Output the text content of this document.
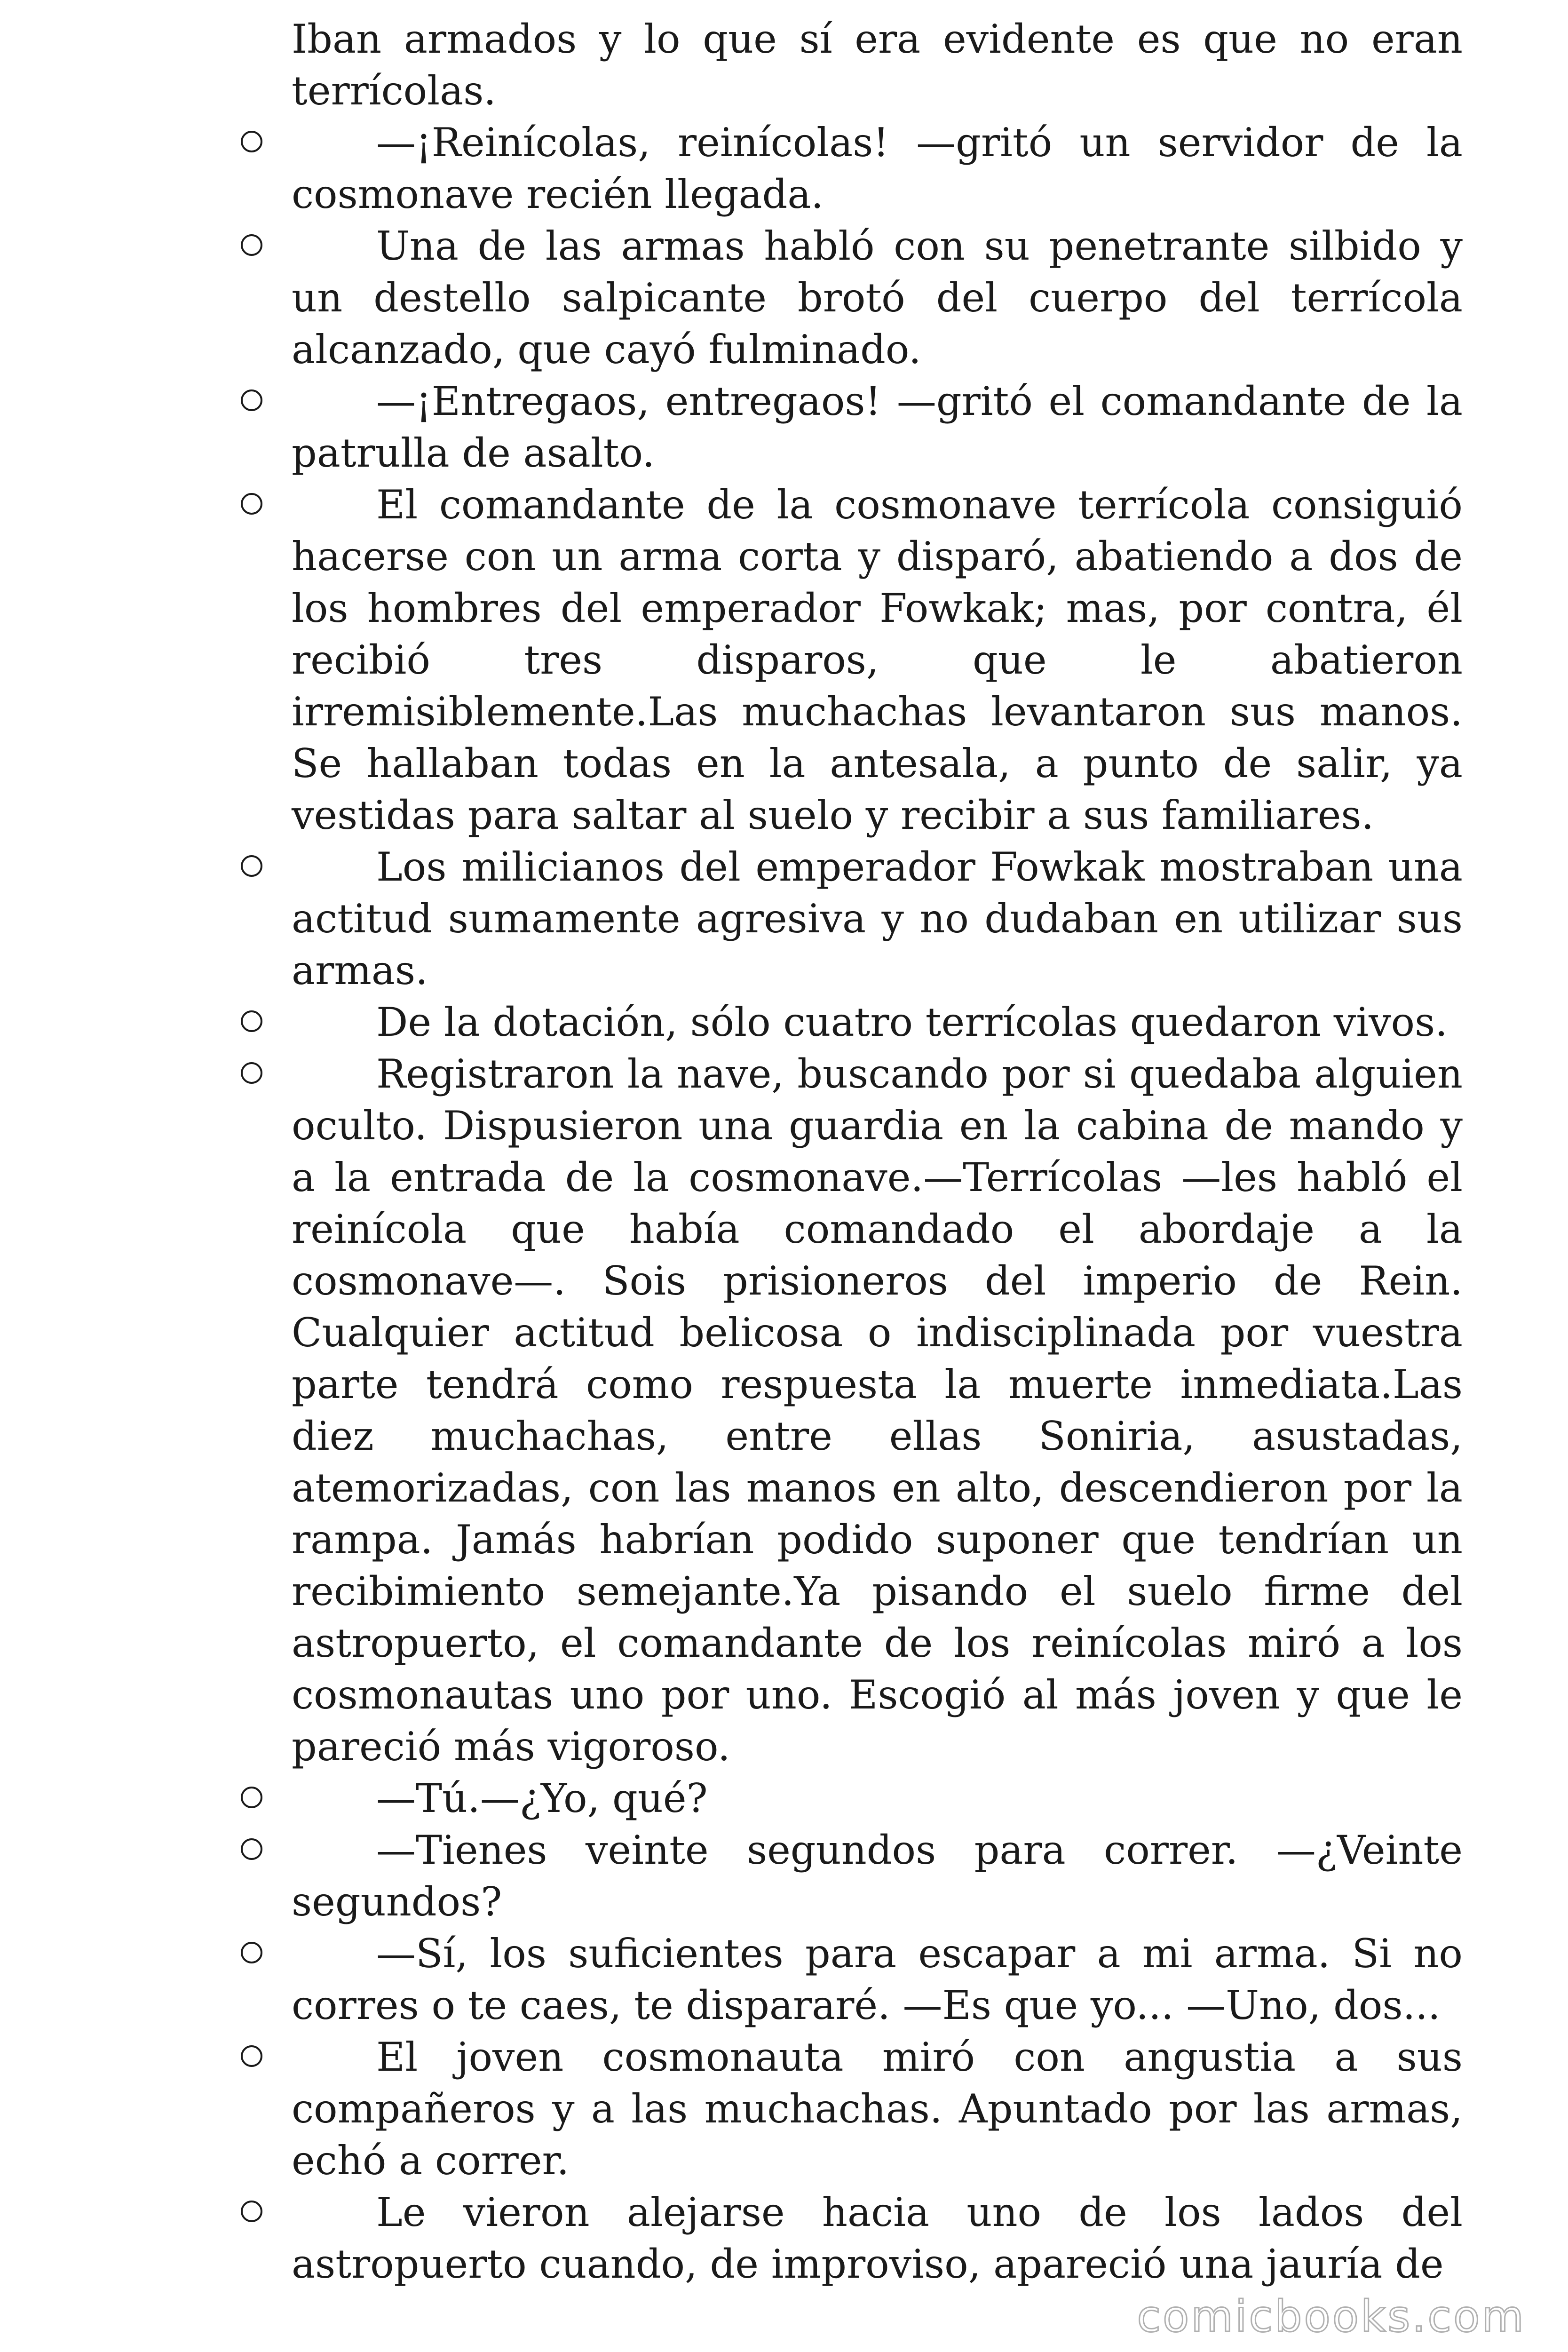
Iban armados y lo que sí era evidente es que no eran terrícolas.

—¡Reinícolas, reinícolas! —gritó un servidor de la cosmonave recién llegada.

Una de las armas habló con su penetrante silbido y un destello salpicante brotó del cuerpo del terrícola alcanzado, que cayó fulminado.

—¡Entregaos, entregaos! —gritó el comandante de la patrulla de asalto.

El comandante de la cosmonave terrícola consiguió hacerse con un arma corta y disparó, abatiendo a dos de los hombres del emperador Fowkak; mas, por contra, él recibió tres disparos, que le abatieron irremisiblemente.Las muchachas levantaron sus manos. Se hallaban todas en la antesala, a punto de salir, ya vestidas para saltar al suelo y recibir a sus familiares.

Los milicianos del emperador Fowkak mostraban una actitud sumamente agresiva y no dudaban en utilizar sus armas.

De la dotación, sólo cuatro terrícolas quedaron vivos.

Registraron la nave, buscando por si quedaba alguien oculto. Dispusieron una guardia en la cabina de mando y a la entrada de la cosmonave.—Terrícolas —les habló el reinícola que había comandado el abordaje a la cosmonave—. Sois prisioneros del imperio de Rein. Cualquier actitud belicosa o indisciplinada por vuestra parte tendrá como respuesta la muerte inmediata.Las diez muchachas, entre ellas Soniria, asustadas, atemorizadas, con las manos en alto, descendieron por la rampa. Jamás habrían podido suponer que tendrían un recibimiento semejante.Ya pisando el suelo firme del astropuerto, el comandante de los reinícolas miró a los cosmonautas uno por uno. Escogió al más joven y que le pareció más vigoroso.

—Tú.—¿Yo, qué?

—Tienes veinte segundos para correr. —¿Veinte segundos?

—Sí, los suficientes para escapar a mi arma. Si no corres o te caes, te dispararé. —Es que yo... —Uno, dos...

El joven cosmonauta miró con angustia a sus compañeros y a las muchachas. Apuntado por las armas, echó a correr.

Le vieron alejarse hacia uno de los lados del astropuerto cuando, de improviso, apareció una jauría de

comicbooks.com
